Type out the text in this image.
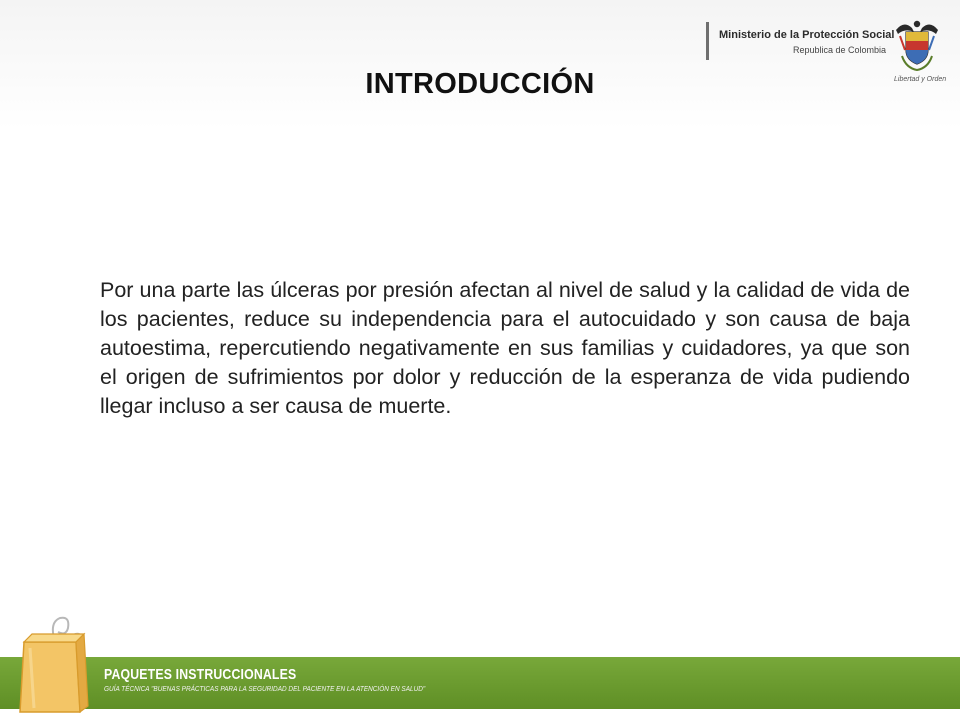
Ministerio de la Protección Social
Republica de Colombia
Libertad y Orden
INTRODUCCIÓN

Por una parte las úlceras por presión afectan al nivel de salud y la calidad de vida de los pacientes, reduce su independencia para el autocuidado y son causa de baja autoestima, repercutiendo negativamente en sus familias y cuidadores, ya que son el origen de sufrimientos por dolor y reducción de la esperanza de vida pudiendo llegar incluso a ser causa de muerte.

PAQUETES INSTRUCCIONALES
GUÍA TÉCNICA "BUENAS PRÁCTICAS PARA LA SEGURIDAD DEL PACIENTE EN LA ATENCIÓN EN SALUD"
